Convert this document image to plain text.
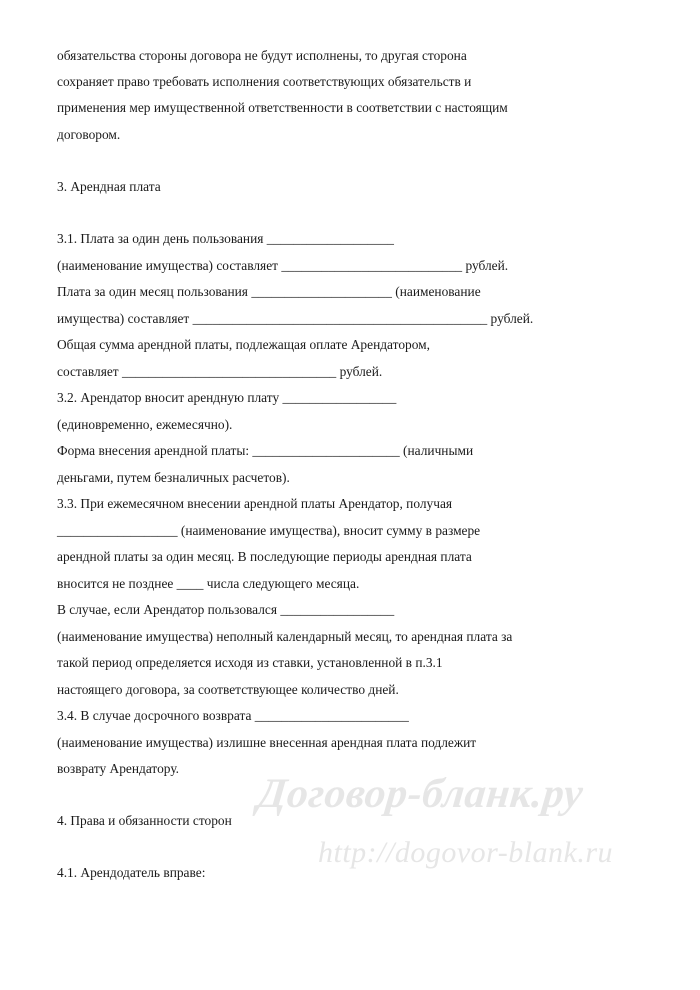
обязательства стороны договора не будут исполнены, то другая сторона

сохраняет право требовать исполнения соответствующих обязательств и

применения мер имущественной ответственности в соответствии с настоящим

договором.

3. Арендная плата

3.1. Плата за один день пользования ___________________

(наименование имущества) составляет ___________________________ рублей.

Плата за один месяц пользования _____________________ (наименование

имущества) составляет ____________________________________________ рублей.

Общая сумма арендной платы, подлежащая оплате Арендатором,

составляет ________________________________ рублей.

3.2. Арендатор вносит арендную плату _________________

(единовременно, ежемесячно).

Форма внесения арендной платы: ______________________ (наличными

деньгами, путем безналичных расчетов).

3.3. При ежемесячном внесении арендной платы Арендатор, получая

__________________ (наименование имущества), вносит сумму в размере

арендной платы за один месяц. В последующие периоды арендная плата

вносится не позднее ____ числа следующего месяца.

В случае, если Арендатор пользовался _________________

(наименование имущества) неполный календарный месяц, то арендная плата за

такой период определяется исходя из ставки, установленной в п.3.1

настоящего договора, за соответствующее количество дней.

3.4. В случае досрочного возврата _______________________

(наименование имущества) излишне внесенная арендная плата подлежит

возврату Арендатору.

4. Права и обязанности сторон

4.1. Арендодатель вправе:

Договор-бланк.ру
http://dogovor-blank.ru
